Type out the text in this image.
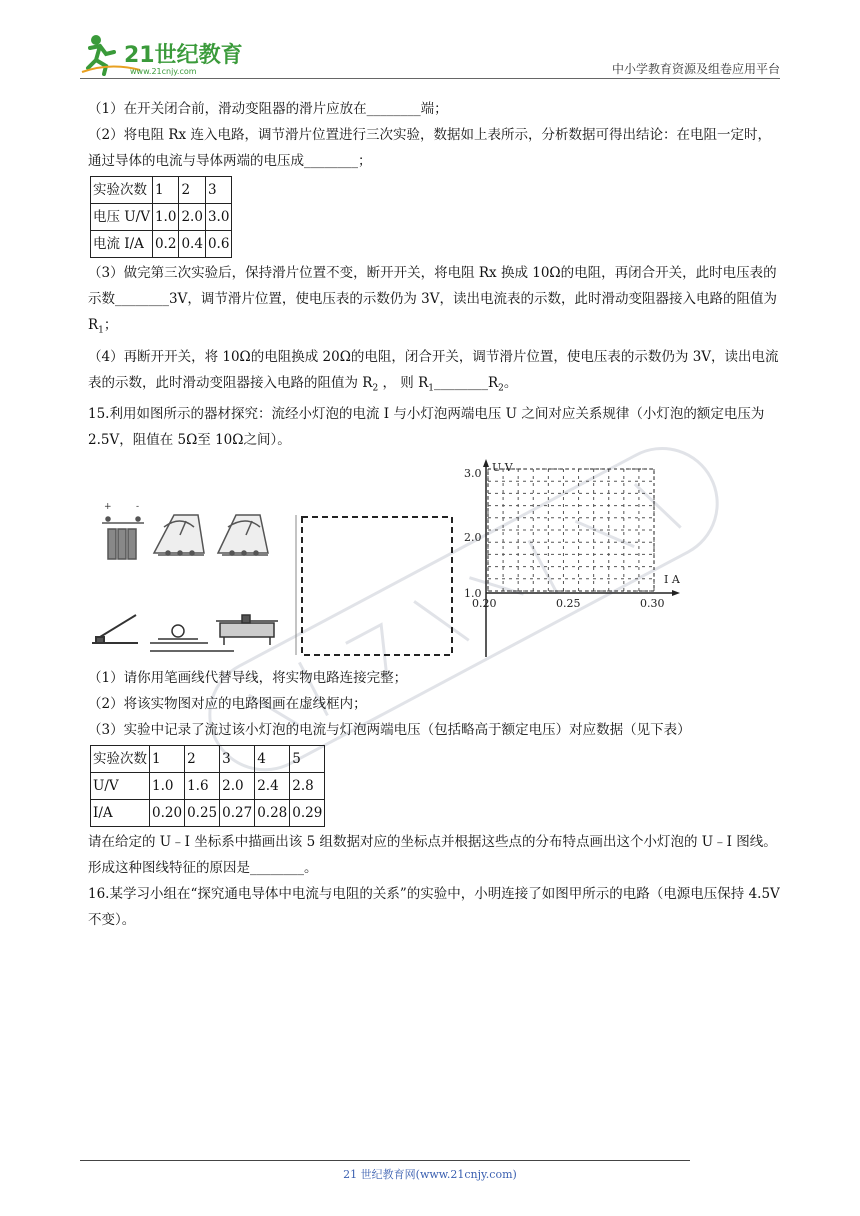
21世纪教育
www.21cnjy.com	中小学教育资源及组卷应用平台

（1）在开关闭合前，滑动变阻器的滑片应放在________端；

（2）将电阻 Rx 连入电路，调节滑片位置进行三次实验，数据如上表所示，分析数据可得出结论：在电阻一定时，通过导体的电流与导体两端的电压成________；

实验次数	1	2	3
电压 U/V	1.0	2.0	3.0
电流 I/A	0.2	0.4	0.6

（3）做完第三次实验后，保持滑片位置不变，断开开关，将电阻 Rx 换成 10Ω的电阻，再闭合开关，此时电压表的示数________3V，调节滑片位置，使电压表的示数仍为 3V，读出电流表的示数，此时滑动变阻器接入电路的阻值为 $R_1$；

（4）再断开开关，将 10Ω的电阻换成 20Ω的电阻，闭合开关，调节滑片位置，使电压表的示数仍为 3V，读出电流表的示数，此时滑动变阻器接入电路的阻值为 $R_2$ ， 则 $R_1\_\_\_\_\_\_\_\_R_2$。

15.利用如图所示的器材探究：流经小灯泡的电流 I 与小灯泡两端电压 U 之间对应关系规律（小灯泡的额定电压为 2.5V，阻值在 5Ω至 10Ω之间）。

+	-
U V
I A
3.0
2.0
1.0
0.20	0.25	0.30

（1）请你用笔画线代替导线，将实物电路连接完整；

（2）将该实物图对应的电路图画在虚线框内；

（3）实验中记录了流过该小灯泡的电流与灯泡两端电压（包括略高于额定电压）对应数据（见下表）

实验次数	1	2	3	4	5
U/V	1.0	1.6	2.0	2.4	2.8
I/A	0.20	0.25	0.27	0.28	0.29

请在给定的 U﹣I 坐标系中描画出该 5 组数据对应的坐标点并根据这些点的分布特点画出这个小灯泡的 U﹣I 图线。形成这种图线特征的原因是________。

16.某学习小组在“探究通电导体中电流与电阻的关系”的实验中，小明连接了如图甲所示的电路（电源电压保持 4.5V 不变）。

21 世纪教育网(www.21cnjy.com)
